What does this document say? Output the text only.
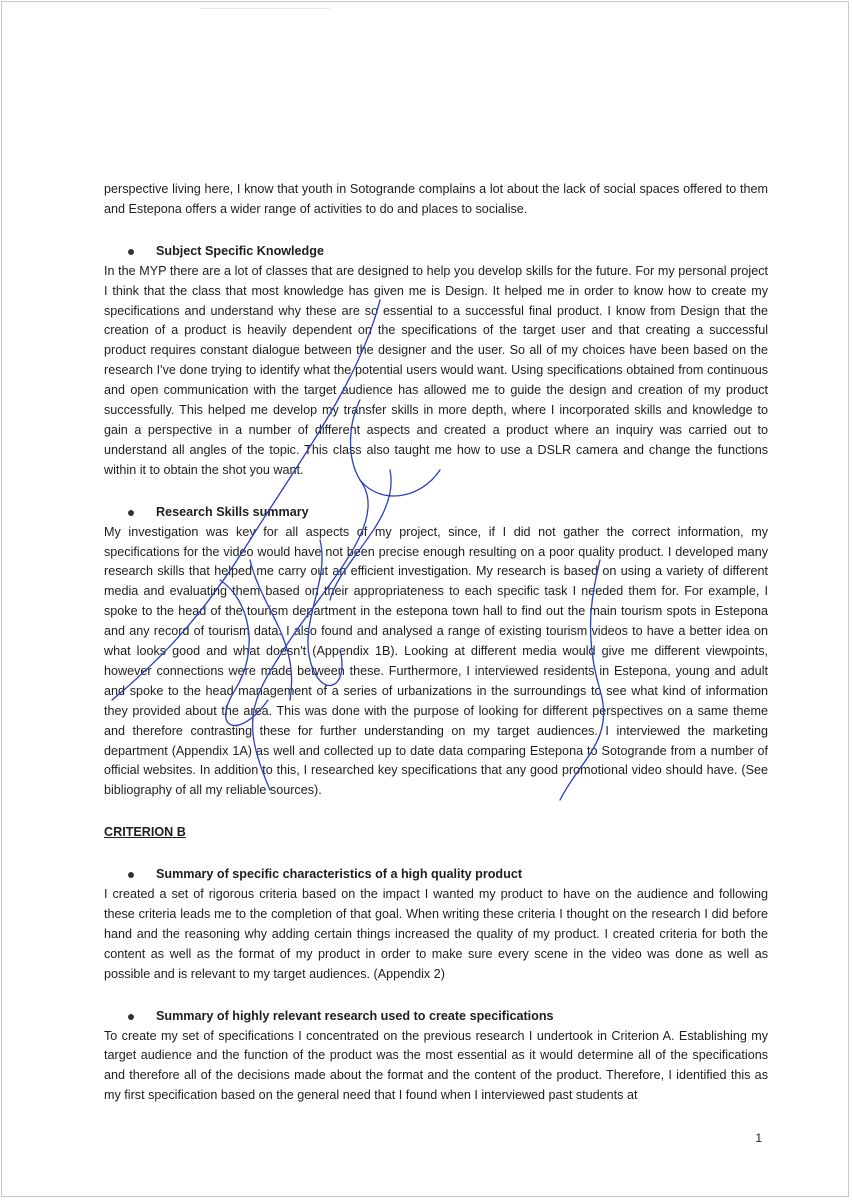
perspective living here, I know that youth in Sotogrande complains a lot about the lack of social spaces offered to them and Estepona offers a wider range of activities to do and places to socialise.

Subject Specific Knowledge

In the MYP there are a lot of classes that are designed to help you develop skills for the future. For my personal project I think that the class that most knowledge has given me is Design. It helped me in order to know how to create my specifications and understand why these are so essential to a successful final product. I know from Design that the creation of a product is heavily dependent on the specifications of the target user and that creating a successful product requires constant dialogue between the designer and the user. So all of my choices have been based on the research I've done trying to identify what the potential users would want. Using specifications obtained from continuous and open communication with the target audience has allowed me to guide the design and creation of my product successfully. This helped me develop my transfer skills in more depth, where I incorporated skills and knowledge to gain a perspective in a number of different aspects and created a product where an inquiry was carried out to understand all angles of the topic. This class also taught me how to use a DSLR camera and change the functions within it to obtain the shot you want.

Research Skills summary

My investigation was key for all aspects of my project, since, if I did not gather the correct information, my specifications for the video would have not been precise enough resulting on a poor quality product. I developed many research skills that helped me carry out an efficient investigation. My research is based on using a variety of different media and evaluating them based on their appropriateness to each specific task I needed them for. For example, I spoke to the head of the tourism department in the estepona town hall to find out the main tourism spots in Estepona and any record of tourism data. I also found and analysed a range of existing tourism videos to have a better idea on what looks good and what doesn't (Appendix 1B). Looking at different media would give me different viewpoints, however connections were made between these. Furthermore, I interviewed residents in Estepona, young and adult and spoke to the head management of a series of urbanizations in the surroundings to see what kind of information they provided about the area. This was done with the purpose of looking for different perspectives on a same theme and therefore contrasting these for further understanding on my target audiences. I interviewed the marketing department (Appendix 1A) as well and collected up to date data comparing Estepona to Sotogrande from a number of official websites. In addition to this, I researched key specifications that any good promotional video should have. (See bibliography of all my reliable sources).

CRITERION B
Summary of specific characteristics of a high quality product

I created a set of rigorous criteria based on the impact I wanted my product to have on the audience and following these criteria leads me to the completion of that goal. When writing these criteria I thought on the research I did before hand and the reasoning why adding certain things increased the quality of my product. I created criteria for both the content as well as the format of my product in order to make sure every scene in the video was done as well as possible and is relevant to my target audiences. (Appendix 2)

Summary of highly relevant research used to create specifications

To create my set of specifications I concentrated on the previous research I undertook in Criterion A. Establishing my target audience and the function of the product was the most essential as it would determine all of the specifications and therefore all of the decisions made about the format and the content of the product. Therefore, I identified this as my first specification based on the general need that I found when I interviewed past students at

1
